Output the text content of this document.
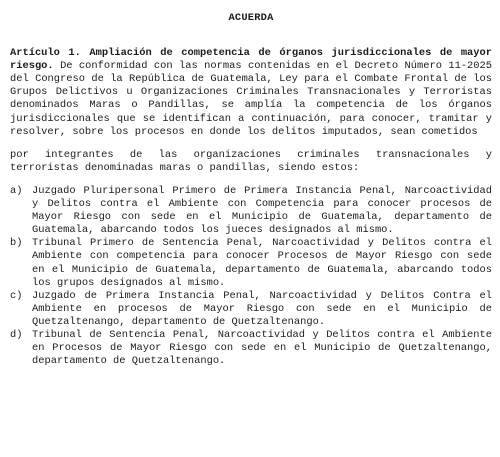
ACUERDA

Artículo 1. Ampliación de competencia de órganos jurisdiccionales de mayor riesgo. De conformidad con las normas contenidas en el Decreto Número 11-2025 del Congreso de la República de Guatemala, Ley para el Combate Frontal de los Grupos Delictivos u Organizaciones Criminales Transnacionales y Terroristas denominados Maras o Pandillas, se amplía la competencia de los órganos jurisdiccionales que se identifican a continuación, para conocer, tramitar y resolver, sobre los procesos en donde los delitos imputados, sean cometidos

por integrantes de las organizaciones criminales transnacionales y terroristas denominadas maras o pandillas, siendo estos:

a) Juzgado Pluripersonal Primero de Primera Instancia Penal, Narcoactividad y Delitos contra el Ambiente con Competencia para conocer procesos de Mayor Riesgo con sede en el Municipio de Guatemala, departamento de Guatemala, abarcando todos los jueces designados al mismo.
b) Tribunal Primero de Sentencia Penal, Narcoactividad y Delitos contra el Ambiente con competencia para conocer Procesos de Mayor Riesgo con sede en el Municipio de Guatemala, departamento de Guatemala, abarcando todos los grupos designados al mismo.
c) Juzgado de Primera Instancia Penal, Narcoactividad y Delitos Contra el Ambiente en procesos de Mayor Riesgo con sede en el Municipio de Quetzaltenango, departamento de Quetzaltenango.
d) Tribunal de Sentencia Penal, Narcoactividad y Delitos contra el Ambiente en Procesos de Mayor Riesgo con sede en el Municipio de Quetzaltenango, departamento de Quetzaltenango.
